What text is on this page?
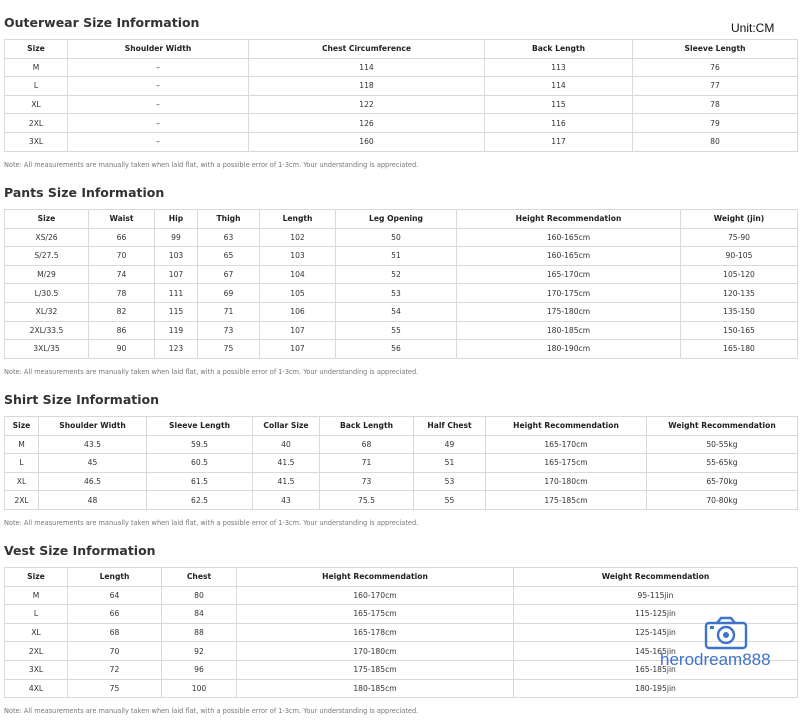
Outerwear Size Information	Unit:CM
Size	Shoulder Width	Chest Circumference	Back Length	Sleeve Length
M	–	114	113	76
L	–	118	114	77
XL	–	122	115	78
2XL	–	126	116	79
3XL	–	160	117	80
Note: All measurements are manually taken when laid flat, with a possible error of 1-3cm. Your understanding is appreciated.
Pants Size Information
Size	Waist	Hip	Thigh	Length	Leg Opening	Height Recommendation	Weight (jin)
XS/26	66	99	63	102	50	160-165cm	75-90
S/27.5	70	103	65	103	51	160-165cm	90-105
M/29	74	107	67	104	52	165-170cm	105-120
L/30.5	78	111	69	105	53	170-175cm	120-135
XL/32	82	115	71	106	54	175-180cm	135-150
2XL/33.5	86	119	73	107	55	180-185cm	150-165
3XL/35	90	123	75	107	56	180-190cm	165-180
Note: All measurements are manually taken when laid flat, with a possible error of 1-3cm. Your understanding is appreciated.
Shirt Size Information
Size	Shoulder Width	Sleeve Length	Collar Size	Back Length	Half Chest	Height Recommendation	Weight Recommendation
M	43.5	59.5	40	68	49	165-170cm	50-55kg
L	45	60.5	41.5	71	51	165-175cm	55-65kg
XL	46.5	61.5	41.5	73	53	170-180cm	65-70kg
2XL	48	62.5	43	75.5	55	175-185cm	70-80kg
Note: All measurements are manually taken when laid flat, with a possible error of 1-3cm. Your understanding is appreciated.
Vest Size Information
Size	Length	Chest	Height Recommendation	Weight Recommendation
M	64	80	160-170cm	95-115jin
L	66	84	165-175cm	115-125jin
XL	68	88	165-178cm	125-145jin
2XL	70	92	170-180cm	145-165jin
3XL	72	96	175-185cm	165-185jin
4XL	75	100	180-185cm	180-195jin
Note: All measurements are manually taken when laid flat, with a possible error of 1-3cm. Your understanding is appreciated.
herodream888
